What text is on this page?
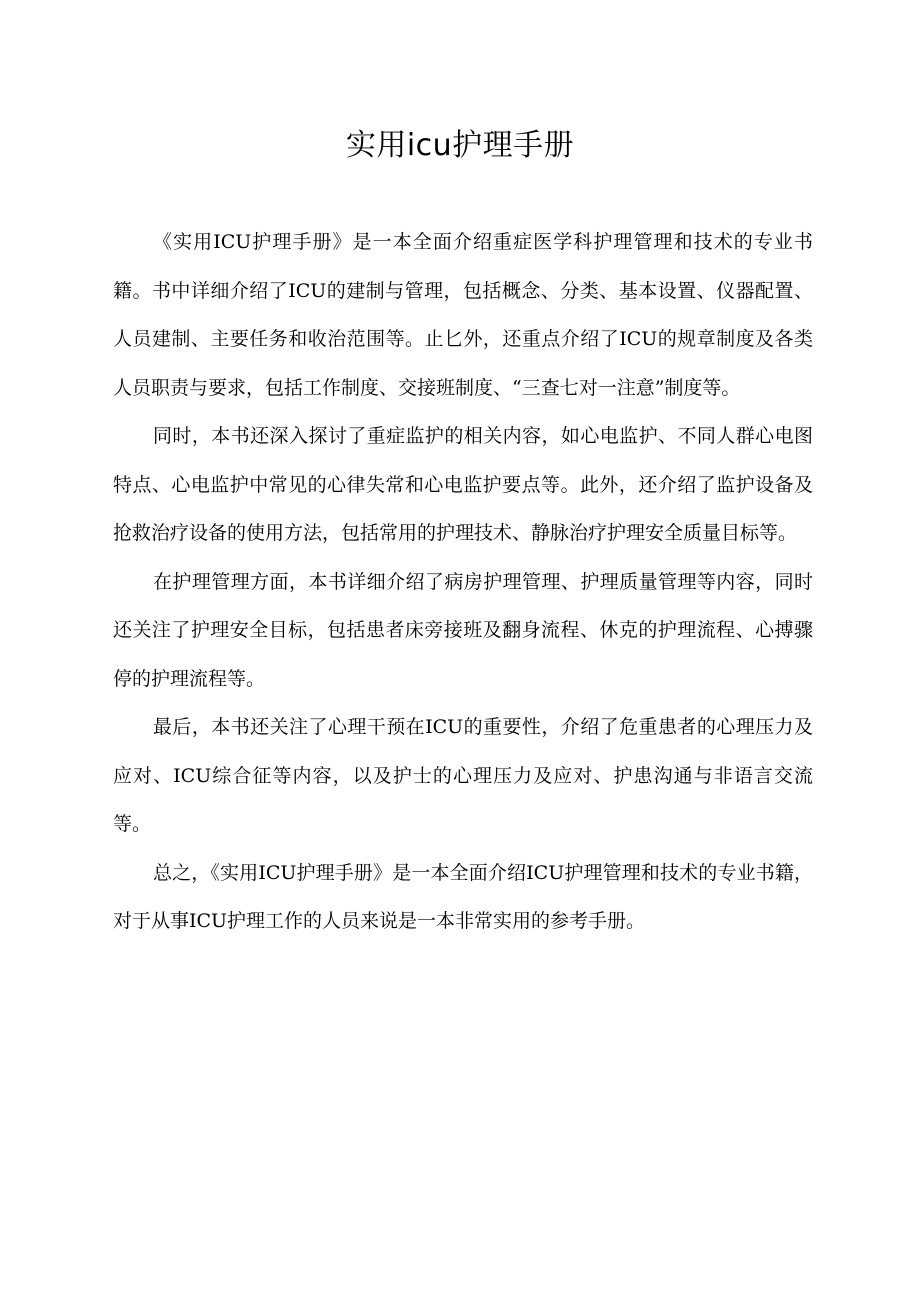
实用icu护理手册

《实用ICU护理手册》是一本全面介绍重症医学科护理管理和技术的专业书籍。书中详细介绍了ICU的建制与管理，包括概念、分类、基本设置、仪器配置、人员建制、主要任务和收治范围等。止匕外，还重点介绍了ICU的规章制度及各类人员职责与要求，包括工作制度、交接班制度、“三查七对一注意”制度等。

同时，本书还深入探讨了重症监护的相关内容，如心电监护、不同人群心电图特点、心电监护中常见的心律失常和心电监护要点等。此外，还介绍了监护设备及抢救治疗设备的使用方法，包括常用的护理技术、静脉治疗护理安全质量目标等。

在护理管理方面，本书详细介绍了病房护理管理、护理质量管理等内容，同时还关注了护理安全目标，包括患者床旁接班及翻身流程、休克的护理流程、心搏骤停的护理流程等。

最后，本书还关注了心理干预在ICU的重要性，介绍了危重患者的心理压力及应对、ICU综合征等内容，以及护士的心理压力及应对、护患沟通与非语言交流等。

总之，《实用ICU护理手册》是一本全面介绍ICU护理管理和技术的专业书籍，对于从事ICU护理工作的人员来说是一本非常实用的参考手册。
